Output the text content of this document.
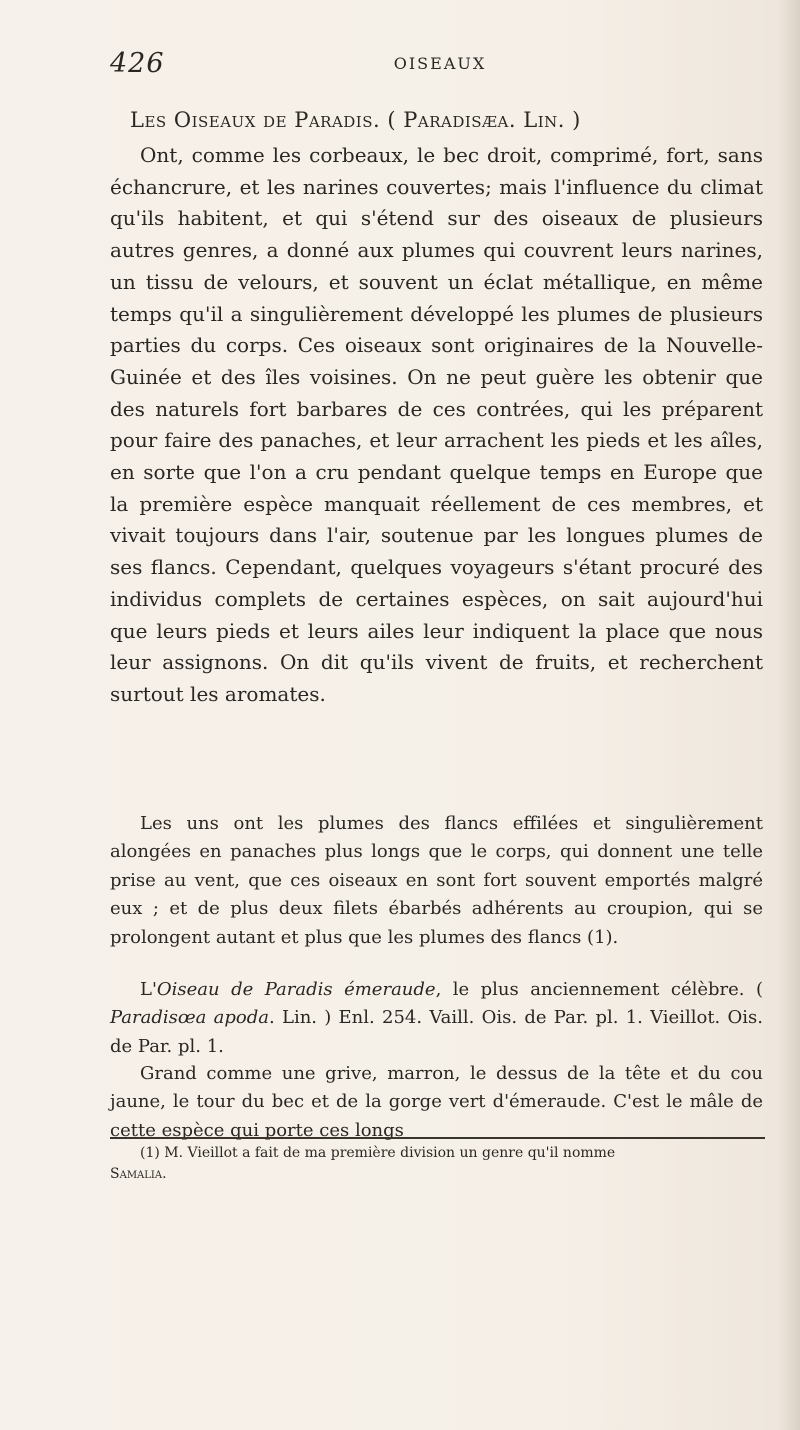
426	OISEAUX
Les Oiseaux de Paradis. ( Paradisæa. Lin. )

Ont, comme les corbeaux, le bec droit, comprimé, fort, sans échancrure, et les narines couvertes; mais l'influence du climat qu'ils habitent, et qui s'étend sur des oiseaux de plusieurs autres genres, a donné aux plumes qui couvrent leurs narines, un tissu de velours, et souvent un éclat métallique, en même temps qu'il a singulièrement développé les plumes de plusieurs parties du corps. Ces oiseaux sont originaires de la Nouvelle-Guinée et des îles voisines. On ne peut guère les obtenir que des naturels fort barbares de ces contrées, qui les préparent pour faire des panaches, et leur arrachent les pieds et les aîles, en sorte que l'on a cru pendant quelque temps en Europe que la première espèce manquait réellement de ces membres, et vivait toujours dans l'air, soutenue par les longues plumes de ses flancs. Cependant, quelques voyageurs s'étant procuré des individus complets de certaines espèces, on sait aujourd'hui que leurs pieds et leurs ailes leur indiquent la place que nous leur assignons. On dit qu'ils vivent de fruits, et recherchent surtout les aromates.

Les uns ont les plumes des flancs effilées et singulièrement alongées en panaches plus longs que le corps, qui donnent une telle prise au vent, que ces oiseaux en sont fort souvent emportés malgré eux ; et de plus deux filets ébarbés adhérents au croupion, qui se prolongent autant et plus que les plumes des flancs (1).

L'Oiseau de Paradis émeraude, le plus anciennement célèbre. ( Paradisœa apoda. Lin. ) Enl. 254. Vaill. Ois. de Par. pl. 1. Vieillot. Ois. de Par. pl. 1.

Grand comme une grive, marron, le dessus de la tête et du cou jaune, le tour du bec et de la gorge vert d'émeraude. C'est le mâle de cette espèce qui porte ces longs

(1) M. Vieillot a fait de ma première division un genre qu'il nomme
Samalia.
